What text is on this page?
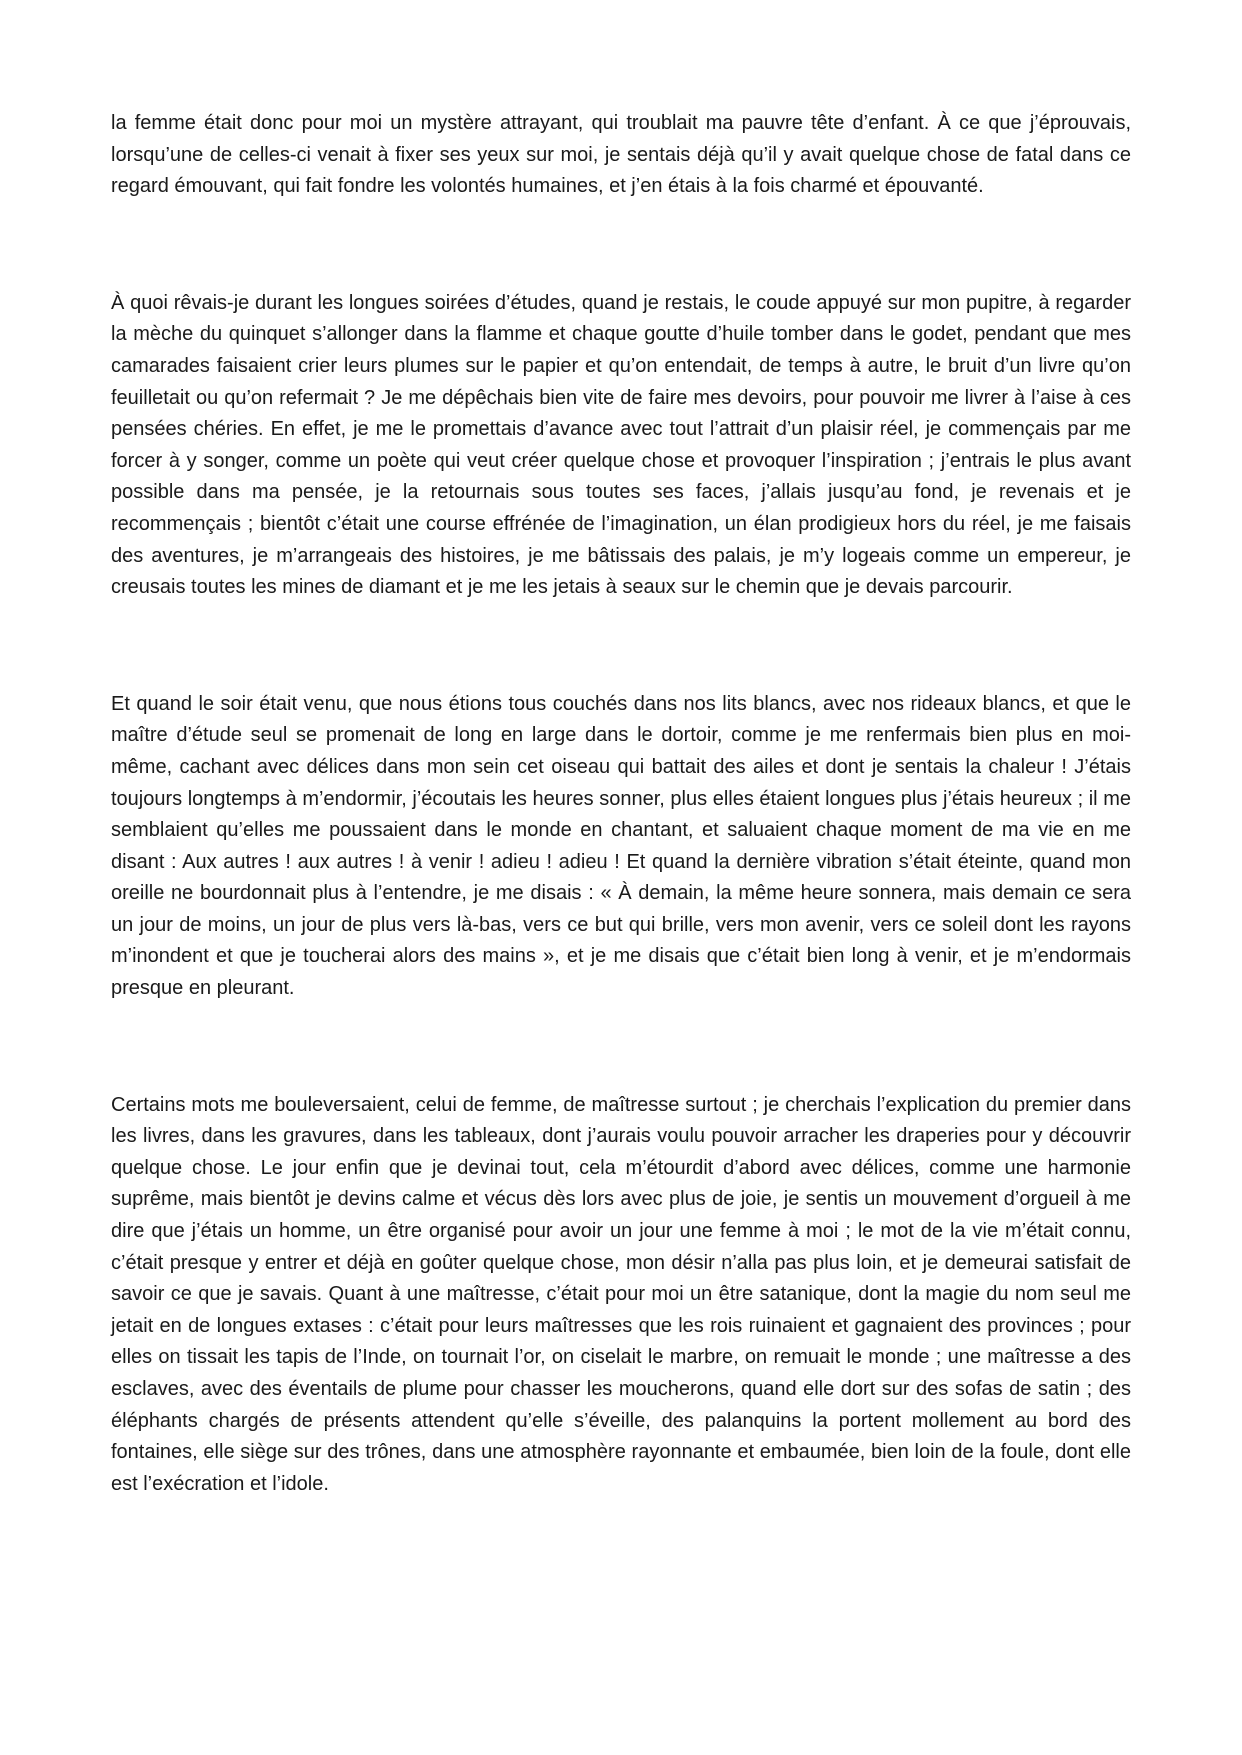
la femme était donc pour moi un mystère attrayant, qui troublait ma pauvre tête d’enfant. À ce que j’éprouvais, lorsqu’une de celles-ci venait à fixer ses yeux sur moi, je sentais déjà qu’il y avait quelque chose de fatal dans ce regard émouvant, qui fait fondre les volontés humaines, et j’en étais à la fois charmé et épouvanté.

À quoi rêvais-je durant les longues soirées d’études, quand je restais, le coude appuyé sur mon pupitre, à regarder la mèche du quinquet s’allonger dans la flamme et chaque goutte d’huile tomber dans le godet, pendant que mes camarades faisaient crier leurs plumes sur le papier et qu’on entendait, de temps à autre, le bruit d’un livre qu’on feuilletait ou qu’on refermait ? Je me dépêchais bien vite de faire mes devoirs, pour pouvoir me livrer à l’aise à ces pensées chéries. En effet, je me le promettais d’avance avec tout l’attrait d’un plaisir réel, je commençais par me forcer à y songer, comme un poète qui veut créer quelque chose et provoquer l’inspiration ; j’entrais le plus avant possible dans ma pensée, je la retournais sous toutes ses faces, j’allais jusqu’au fond, je revenais et je recommençais ; bientôt c’était une course effrénée de l’imagination, un élan prodigieux hors du réel, je me faisais des aventures, je m’arrangeais des histoires, je me bâtissais des palais, je m’y logeais comme un empereur, je creusais toutes les mines de diamant et je me les jetais à seaux sur le chemin que je devais parcourir.

Et quand le soir était venu, que nous étions tous couchés dans nos lits blancs, avec nos rideaux blancs, et que le maître d’étude seul se promenait de long en large dans le dortoir, comme je me renfermais bien plus en moi-même, cachant avec délices dans mon sein cet oiseau qui battait des ailes et dont je sentais la chaleur ! J’étais toujours longtemps à m’endormir, j’écoutais les heures sonner, plus elles étaient longues plus j’étais heureux ; il me semblaient qu’elles me poussaient dans le monde en chantant, et saluaient chaque moment de ma vie en me disant : Aux autres ! aux autres ! à venir ! adieu ! adieu ! Et quand la dernière vibration s’était éteinte, quand mon oreille ne bourdonnait plus à l’entendre, je me disais : « À demain, la même heure sonnera, mais demain ce sera un jour de moins, un jour de plus vers là-bas, vers ce but qui brille, vers mon avenir, vers ce soleil dont les rayons m’inondent et que je toucherai alors des mains », et je me disais que c’était bien long à venir, et je m’endormais presque en pleurant.

Certains mots me bouleversaient, celui de femme, de maîtresse surtout ; je cherchais l’explication du premier dans les livres, dans les gravures, dans les tableaux, dont j’aurais voulu pouvoir arracher les draperies pour y découvrir quelque chose. Le jour enfin que je devinai tout, cela m’étourdit d’abord avec délices, comme une harmonie suprême, mais bientôt je devins calme et vécus dès lors avec plus de joie, je sentis un mouvement d’orgueil à me dire que j’étais un homme, un être organisé pour avoir un jour une femme à moi ; le mot de la vie m’était connu, c’était presque y entrer et déjà en goûter quelque chose, mon désir n’alla pas plus loin, et je demeurai satisfait de savoir ce que je savais. Quant à une maîtresse, c’était pour moi un être satanique, dont la magie du nom seul me jetait en de longues extases : c’était pour leurs maîtresses que les rois ruinaient et gagnaient des provinces ; pour elles on tissait les tapis de l’Inde, on tournait l’or, on ciselait le marbre, on remuait le monde ; une maîtresse a des esclaves, avec des éventails de plume pour chasser les moucherons, quand elle dort sur des sofas de satin ; des éléphants chargés de présents attendent qu’elle s’éveille, des palanquins la portent mollement au bord des fontaines, elle siège sur des trônes, dans une atmosphère rayonnante et embaumée, bien loin de la foule, dont elle est l’exécration et l’idole.
